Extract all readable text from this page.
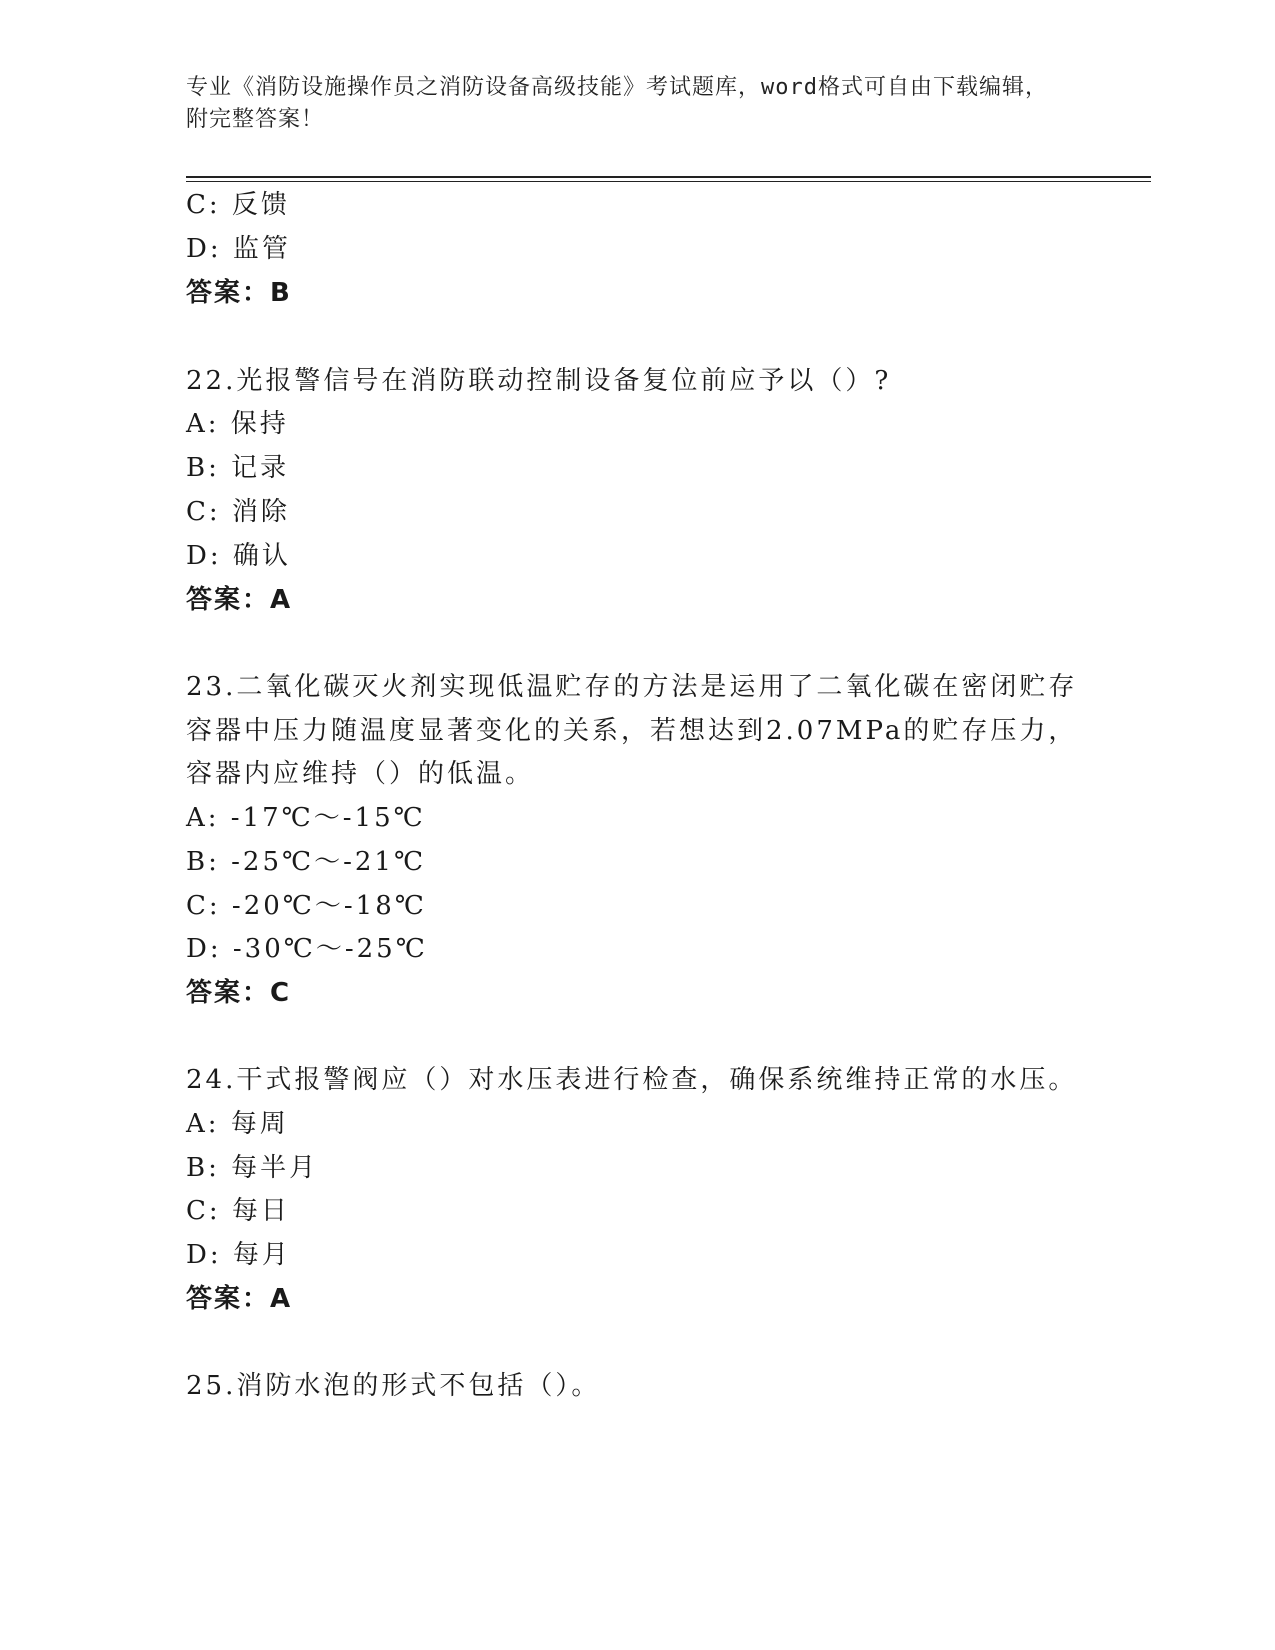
专业《消防设施操作员之消防设备高级技能》考试题库，word格式可自由下载编辑，附完整答案！
C: 反馈
D: 监管
答案：B
22.光报警信号在消防联动控制设备复位前应予以（）?
A: 保持
B: 记录
C: 消除
D: 确认
答案：A
23.二氧化碳灭火剂实现低温贮存的方法是运用了二氧化碳在密闭贮存
容器中压力随温度显著变化的关系，若想达到2.07MPa的贮存压力，
容器内应维持（）的低温。
A: -17℃～-15℃
B: -25℃～-21℃
C: -20℃～-18℃
D: -30℃～-25℃
答案：C
24.干式报警阀应（）对水压表进行检查，确保系统维持正常的水压。
A: 每周
B: 每半月
C: 每日
D: 每月
答案：A
25.消防水泡的形式不包括（）。
